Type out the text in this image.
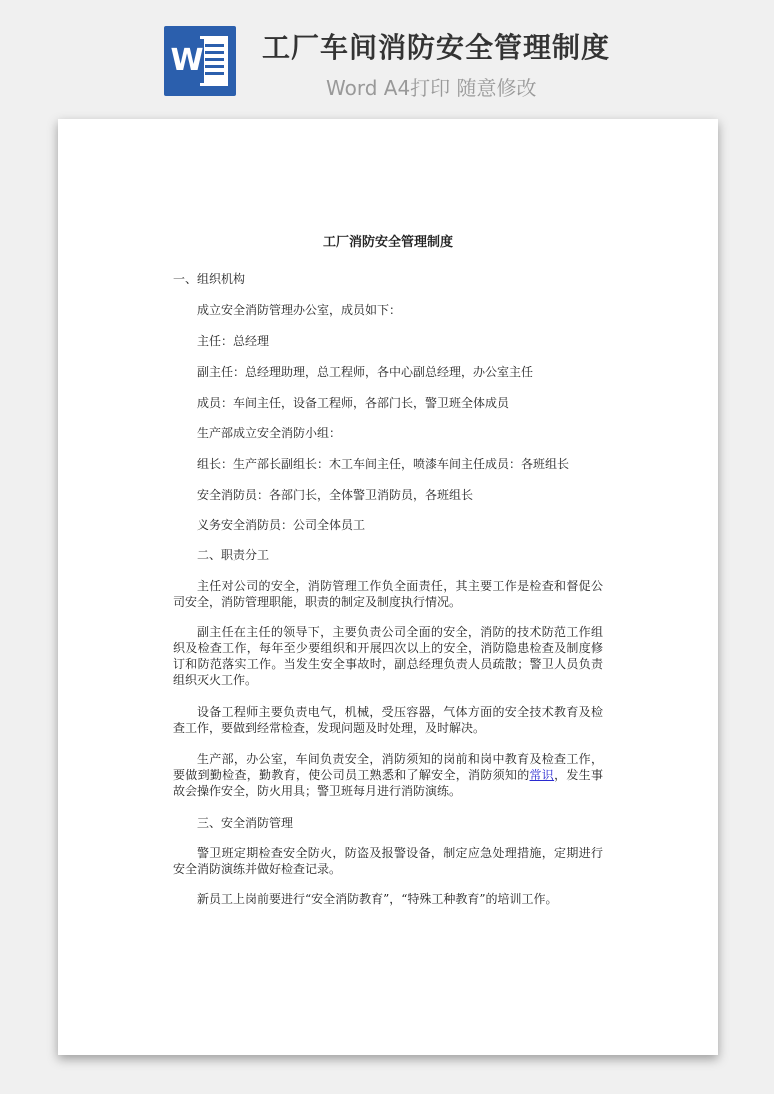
W 工厂车间消防安全管理制度
Word A4打印 随意修改
工厂消防安全管理制度
一、组织机构
成立安全消防管理办公室，成员如下：
主任：总经理
副主任：总经理助理，总工程师，各中心副总经理，办公室主任
成员：车间主任，设备工程师，各部门长，警卫班全体成员
生产部成立安全消防小组：
组长：生产部长副组长：木工车间主任，喷漆车间主任成员：各班组长
安全消防员：各部门长，全体警卫消防员，各班组长
义务安全消防员：公司全体员工
二、职责分工
主任对公司的安全，消防管理工作负全面责任，其主要工作是检查和督促公司安全，消防管理职能，职责的制定及制度执行情况。
副主任在主任的领导下，主要负责公司全面的安全，消防的技术防范工作组织及检查工作，每年至少要组织和开展四次以上的安全，消防隐患检查及制度修订和防范落实工作。当发生安全事故时，副总经理负责人员疏散；警卫人员负责组织灭火工作。
设备工程师主要负责电气，机械，受压容器，气体方面的安全技术教育及检查工作，要做到经常检查，发现问题及时处理，及时解决。
生产部，办公室，车间负责安全，消防须知的岗前和岗中教育及检查工作，要做到勤检查，勤教育，使公司员工熟悉和了解安全，消防须知的常识，发生事故会操作安全，防火用具；警卫班每月进行消防演练。
三、安全消防管理
警卫班定期检查安全防火，防盗及报警设备，制定应急处理措施，定期进行安全消防演练并做好检查记录。
新员工上岗前要进行“安全消防教育”，“特殊工种教育”的培训工作。
